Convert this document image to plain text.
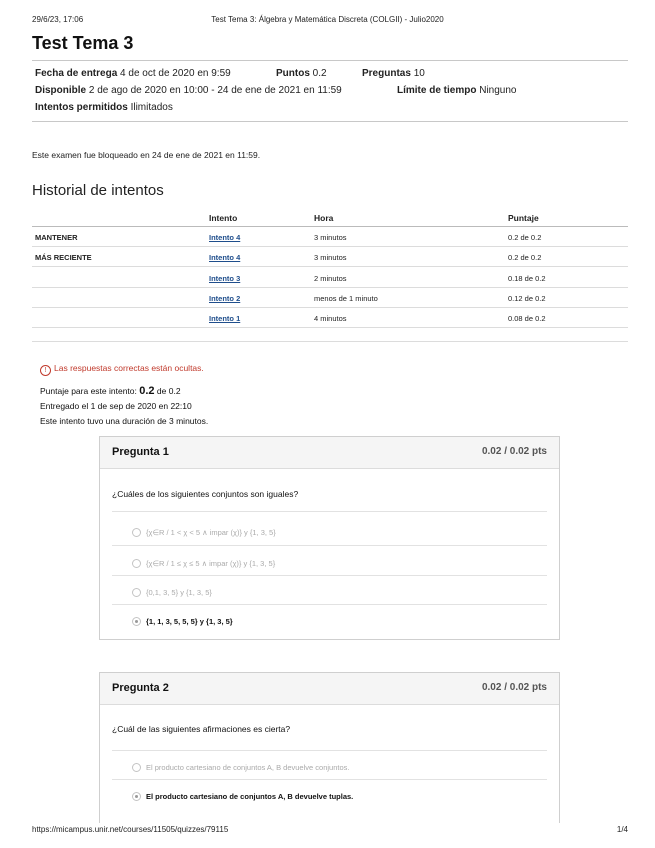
29/6/23, 17:06	Test Tema 3: Álgebra y Matemática Discreta (COLGII) - Julio2020
Test Tema 3
Fecha de entrega 4 de oct de 2020 en 9:59	Puntos 0.2	Preguntas 10
Disponible 2 de ago de 2020 en 10:00 - 24 de ene de 2021 en 11:59	Límite de tiempo Ninguno
Intentos permitidos Ilimitados
Este examen fue bloqueado en 24 de ene de 2021 en 11:59.
Historial de intentos
Intento	Hora	Puntaje
MANTENER	Intento 4	3 minutos	0.2 de 0.2
MÁS RECIENTE	Intento 4	3 minutos	0.2 de 0.2
Intento 3	2 minutos	0.18 de 0.2
Intento 2	menos de 1 minuto	0.12 de 0.2
Intento 1	4 minutos	0.08 de 0.2
! Las respuestas correctas están ocultas.
Puntaje para este intento: 0.2 de 0.2
Entregado el 1 de sep de 2020 en 22:10
Este intento tuvo una duración de 3 minutos.
Pregunta 1	0.02 / 0.02 pts
¿Cuáles de los siguientes conjuntos son iguales?
{χ∈R / 1 < χ < 5 ∧ impar (χ)} y {1, 3, 5}
{χ∈R / 1 ≤ χ ≤ 5 ∧ impar (χ)} y {1, 3, 5}
{0,1, 3, 5} y {1, 3, 5}
{1, 1, 3, 5, 5, 5} y {1, 3, 5}
Pregunta 2	0.02 / 0.02 pts
¿Cuál de las siguientes afirmaciones es cierta?
El producto cartesiano de conjuntos A, B devuelve conjuntos.
El producto cartesiano de conjuntos A, B devuelve tuplas.
https://micampus.unir.net/courses/11505/quizzes/79115	1/4
